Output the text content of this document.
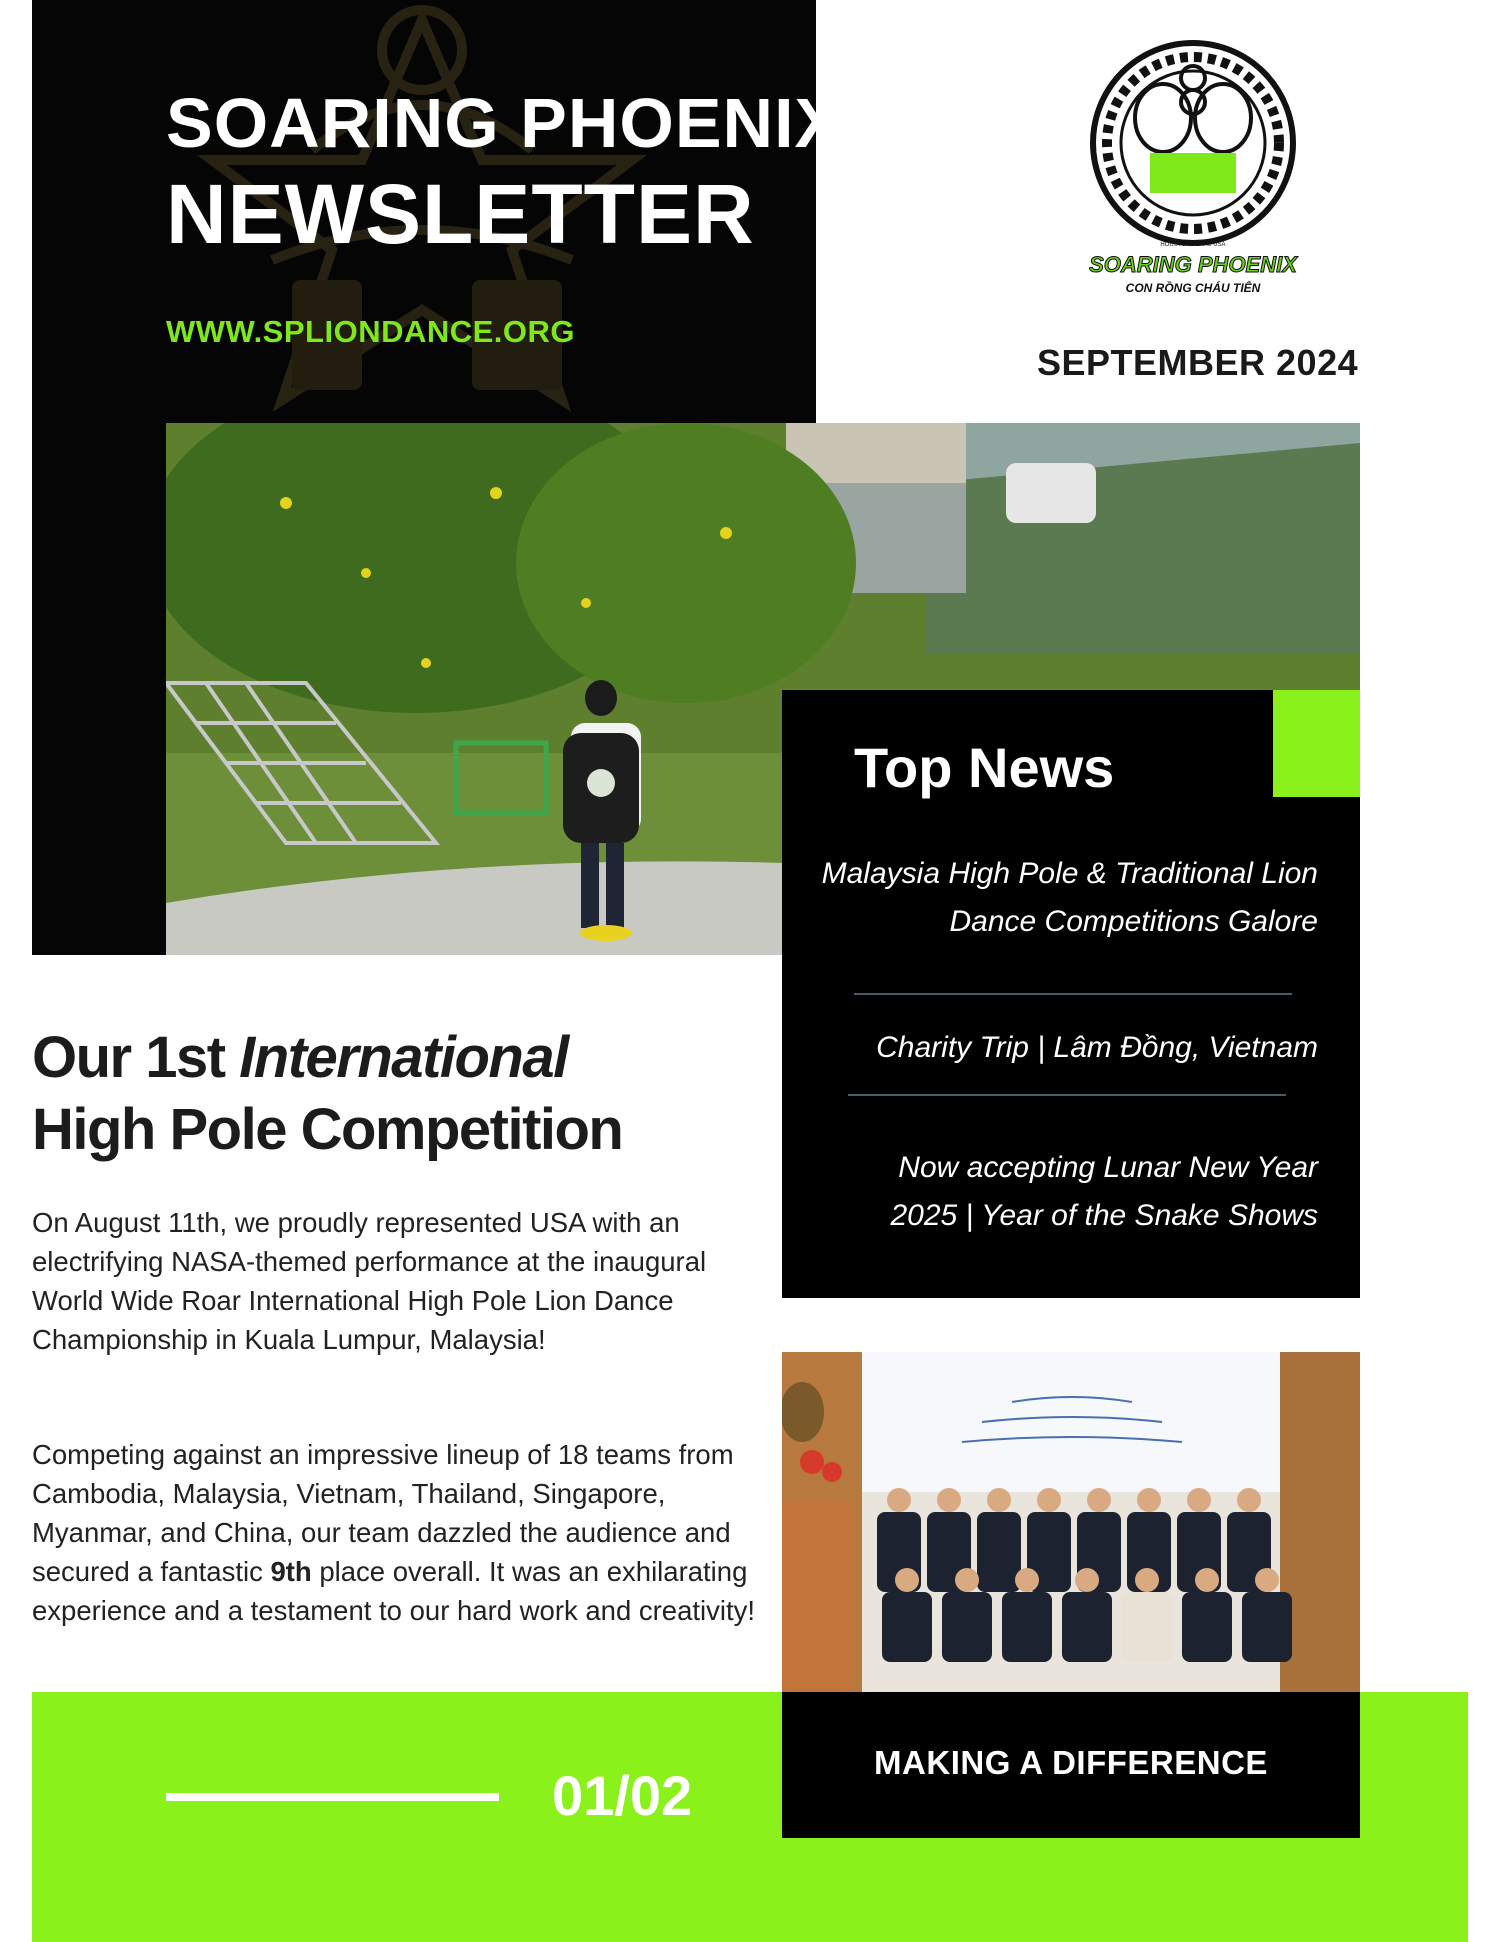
SOARING PHOENIX
NEWSLETTER
WWW.SPLIONDANCE.ORG
HOUSTON TEXAS USA
SOARING PHOENIX
CON RỒNG CHÁU TIÊN
SEPTEMBER 2024
Top News
Malaysia High Pole & Traditional Lion Dance Competitions Galore
Charity Trip | Lâm Đồng, Vietnam
Now accepting Lunar New Year 2025 | Year of the Snake Shows
Our 1st International
High Pole Competition
On August 11th, we proudly represented USA with an electrifying NASA-themed performance at the inaugural World Wide Roar International High Pole Lion Dance Championship in Kuala Lumpur, Malaysia!
Competing against an impressive lineup of 18 teams from Cambodia, Malaysia, Vietnam, Thailand, Singapore, Myanmar, and China, our team dazzled the audience and secured a fantastic 9th place overall. It was an exhilarating experience and a testament to our hard work and creativity!
01/02
MAKING A DIFFERENCE
